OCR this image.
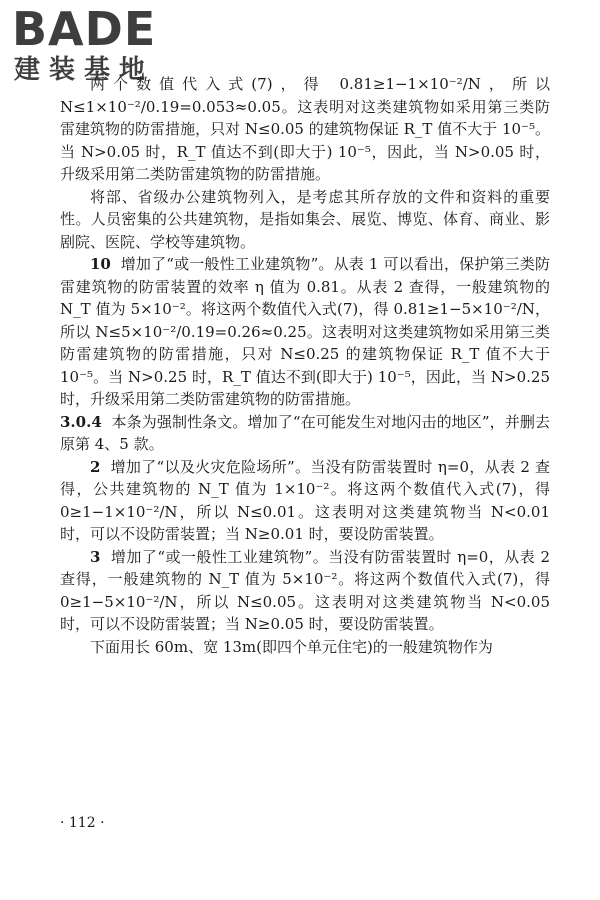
BADE
建装基地

两个数值代入式(7)，得 0.81≥1−1×10⁻²/N，所以 N≤1×10⁻²/0.19=0.053≈0.05。这表明对这类建筑物如采用第三类防雷建筑物的防雷措施，只对 N≤0.05 的建筑物保证 R_T 值不大于 10⁻⁵。当 N>0.05 时，R_T 值达不到(即大于) 10⁻⁵，因此，当 N>0.05 时，升级采用第二类防雷建筑物的防雷措施。

将部、省级办公建筑物列入，是考虑其所存放的文件和资料的重要性。人员密集的公共建筑物，是指如集会、展览、博览、体育、商业、影剧院、医院、学校等建筑物。

10 增加了“或一般性工业建筑物”。从表 1 可以看出，保护第三类防雷建筑物的防雷装置的效率 η 值为 0.81。从表 2 查得，一般建筑物的 N_T 值为 5×10⁻²。将这两个数值代入式(7)，得 0.81≥1−5×10⁻²/N，所以 N≤5×10⁻²/0.19=0.26≈0.25。这表明对这类建筑物如采用第三类防雷建筑物的防雷措施，只对 N≤0.25 的建筑物保证 R_T 值不大于 10⁻⁵。当 N>0.25 时，R_T 值达不到(即大于) 10⁻⁵，因此，当 N>0.25 时，升级采用第二类防雷建筑物的防雷措施。

3.0.4 本条为强制性条文。增加了“在可能发生对地闪击的地区”，并删去原第 4、5 款。

2 增加了“以及火灾危险场所”。当没有防雷装置时 η=0，从表 2 查得，公共建筑物的 N_T 值为 1×10⁻²。将这两个数值代入式(7)，得 0≥1−1×10⁻²/N，所以 N≤0.01。这表明对这类建筑物当 N<0.01 时，可以不设防雷装置；当 N≥0.01 时，要设防雷装置。

3 增加了“或一般性工业建筑物”。当没有防雷装置时 η=0，从表 2 查得，一般建筑物的 N_T 值为 5×10⁻²。将这两个数值代入式(7)，得 0≥1−5×10⁻²/N，所以 N≤0.05。这表明对这类建筑物当 N<0.05 时，可以不设防雷装置；当 N≥0.05 时，要设防雷装置。

下面用长 60m、宽 13m(即四个单元住宅)的一般建筑物作为

· 112 ·
